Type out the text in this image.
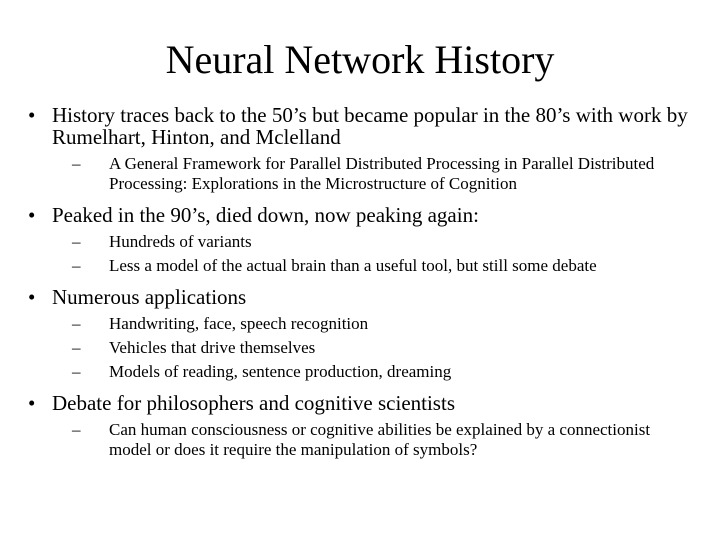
Neural Network History
• History traces back to the 50’s but became popular in the 80’s with work by Rumelhart, Hinton, and Mclelland
–	A General Framework for Parallel Distributed Processing in Parallel Distributed Processing: Explorations in the Microstructure of Cognition
• Peaked in the 90’s, died down, now peaking again:
–	Hundreds of variants
–	Less a model of the actual brain than a useful tool, but still some debate
• Numerous applications
–	Handwriting, face, speech recognition
–	Vehicles that drive themselves
–	Models of reading, sentence production, dreaming
• Debate for philosophers and cognitive scientists
–	Can human consciousness or cognitive abilities be explained by a connectionist model or does it require the manipulation of symbols?
